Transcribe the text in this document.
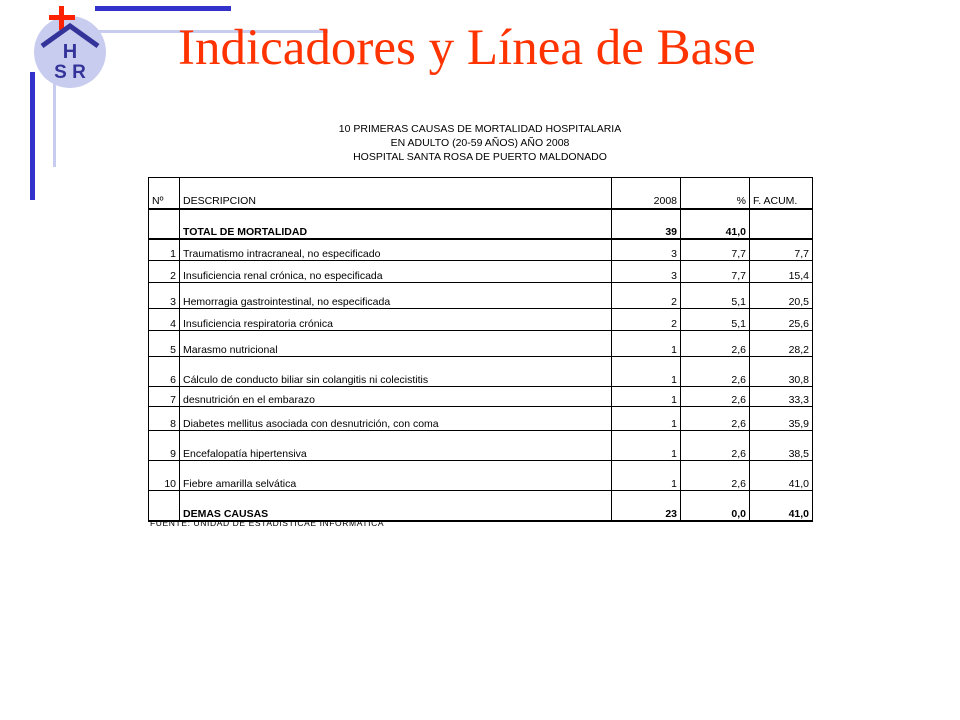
H
S R Indicadores y Línea de Base
10 PRIMERAS CAUSAS DE MORTALIDAD HOSPITALARIA
EN ADULTO (20-59 AÑOS) AÑO 2008
HOSPITAL SANTA ROSA DE PUERTO MALDONADO
Nº	DESCRIPCION	2008	%	F. ACUM.
	TOTAL DE MORTALIDAD	39	41,0	
1	Traumatismo intracraneal, no especificado	3	7,7	7,7
2	Insuficiencia renal crónica, no especificada	3	7,7	15,4
3	Hemorragia gastrointestinal, no especificada	2	5,1	20,5
4	Insuficiencia respiratoria crónica	2	5,1	25,6
5	Marasmo nutricional	1	2,6	28,2
6	Cálculo de conducto biliar sin colangitis ni colecistitis	1	2,6	30,8
7	desnutrición en el embarazo	1	2,6	33,3
8	Diabetes mellitus asociada con desnutrición, con coma	1	2,6	35,9
9	Encefalopatía hipertensiva	1	2,6	38,5
10	Fiebre amarilla selvática	1	2,6	41,0
	DEMAS CAUSAS	23	0,0	41,0
FUENTE: UNIDAD DE ESTADISTICAE INFORMATICA
